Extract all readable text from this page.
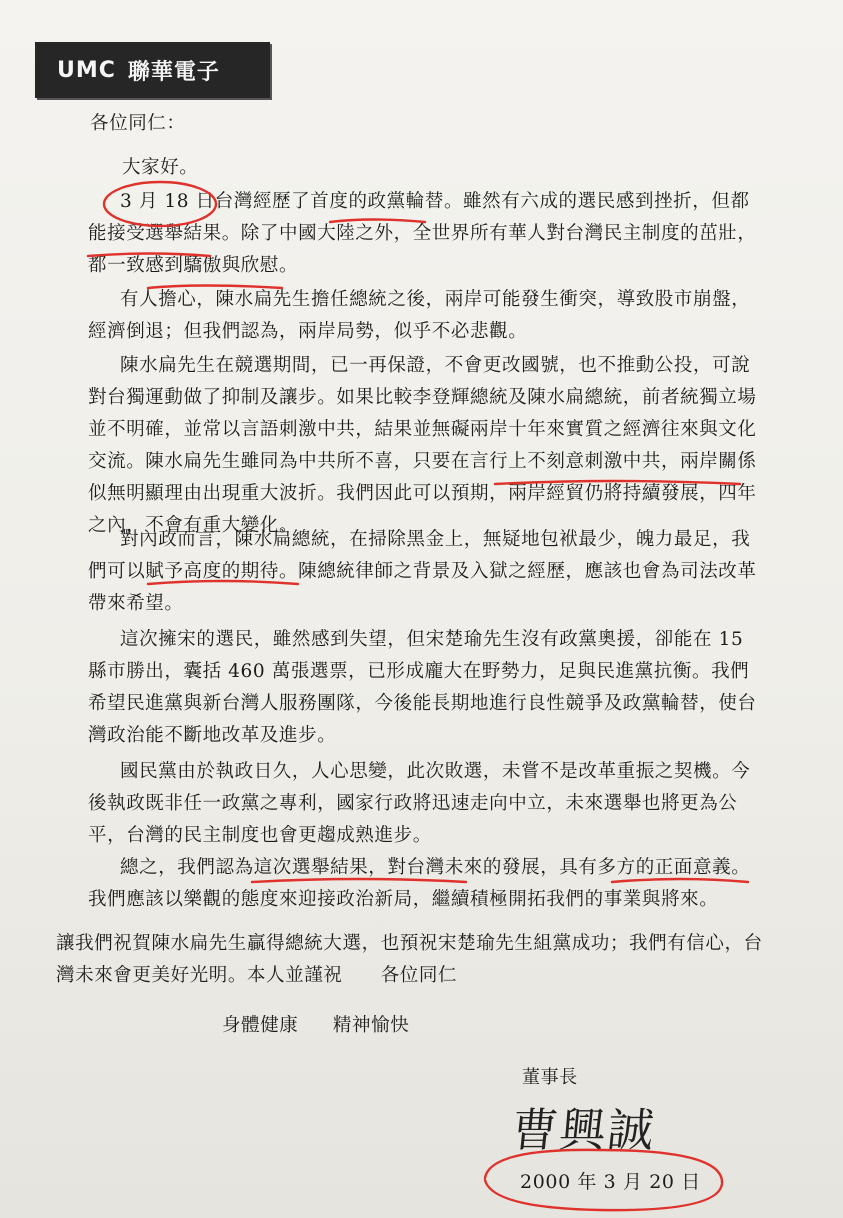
UMC 聯華電子
各位同仁：
大家好。

3 月 18 日台灣經歷了首度的政黨輪替。雖然有六成的選民感到挫折，但都能接受選舉結果。除了中國大陸之外，全世界所有華人對台灣民主制度的茁壯，都一致感到驕傲與欣慰。

有人擔心，陳水扁先生擔任總統之後，兩岸可能發生衝突，導致股市崩盤，經濟倒退；但我們認為，兩岸局勢，似乎不必悲觀。

陳水扁先生在競選期間，已一再保證，不會更改國號，也不推動公投，可說對台獨運動做了抑制及讓步。如果比較李登輝總統及陳水扁總統，前者統獨立場並不明確，並常以言語刺激中共，結果並無礙兩岸十年來實質之經濟往來與文化交流。陳水扁先生雖同為中共所不喜，只要在言行上不刻意刺激中共，兩岸關係似無明顯理由出現重大波折。我們因此可以預期，兩岸經貿仍將持續發展，四年之內，不會有重大變化。

對內政而言，陳水扁總統，在掃除黑金上，無疑地包袱最少，魄力最足，我們可以賦予高度的期待。陳總統律師之背景及入獄之經歷，應該也會為司法改革帶來希望。

這次擁宋的選民，雖然感到失望，但宋楚瑜先生沒有政黨奧援，卻能在 15 縣市勝出，囊括 460 萬張選票，已形成龐大在野勢力，足與民進黨抗衡。我們希望民進黨與新台灣人服務團隊，今後能長期地進行良性競爭及政黨輪替，使台灣政治能不斷地改革及進步。

國民黨由於執政日久，人心思變，此次敗選，未嘗不是改革重振之契機。今後執政既非任一政黨之專利，國家行政將迅速走向中立，未來選舉也將更為公平，台灣的民主制度也會更趨成熟進步。

總之，我們認為這次選舉結果，對台灣未來的發展，具有多方的正面意義。我們應該以樂觀的態度來迎接政治新局，繼續積極開拓我們的事業與將來。

讓我們祝賀陳水扁先生贏得總統大選，也預祝宋楚瑜先生組黨成功；我們有信心，台灣未來會更美好光明。本人並謹祝　　各位同仁

身體健康 精神愉快
董事長
曹興誠
2000 年 3 月 20 日
